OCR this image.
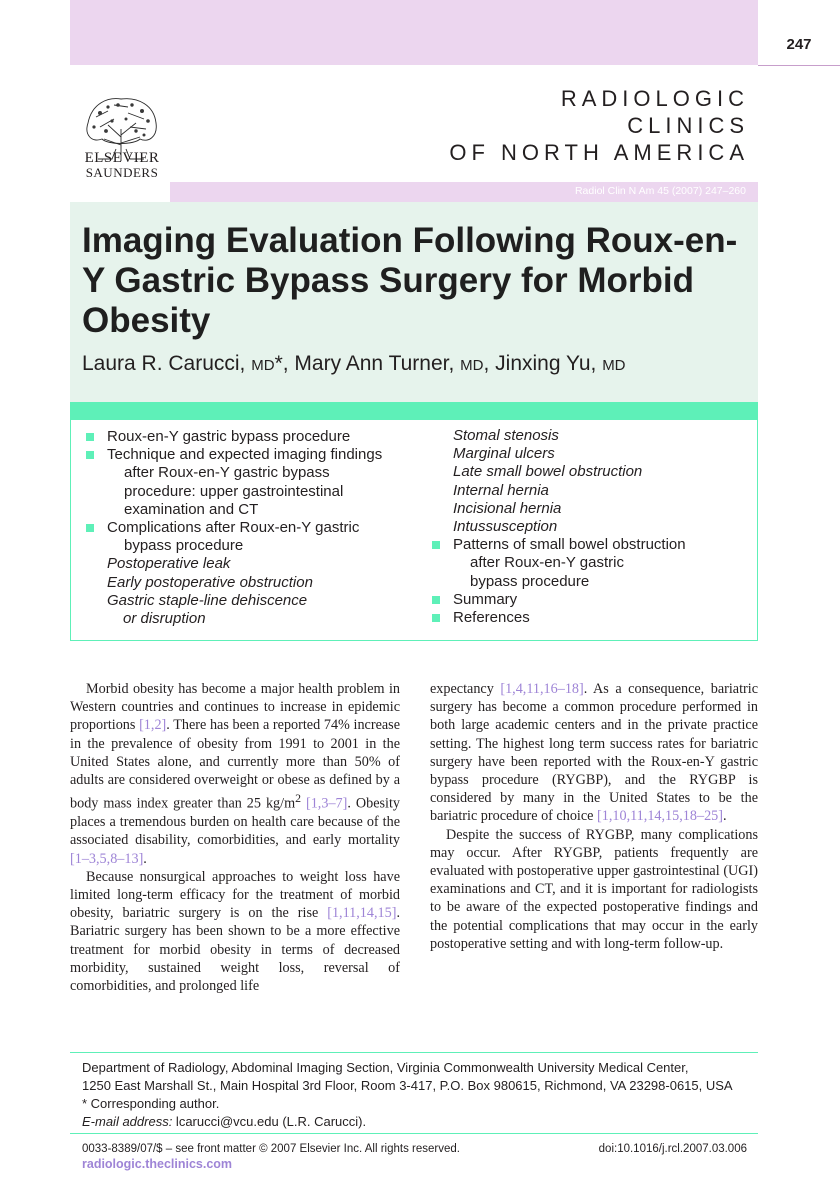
247
ELSEVIER
SAUNDERS
RADIOLOGIC
CLINICS
OF NORTH AMERICA
Radiol Clin N Am 45 (2007) 247–260
Imaging Evaluation Following Roux-en-Y Gastric Bypass Surgery for Morbid Obesity
Laura R. Carucci, MD*, Mary Ann Turner, MD, Jinxing Yu, MD
Roux-en-Y gastric bypass procedure
Technique and expected imaging findings
after Roux-en-Y gastric bypass
procedure: upper gastrointestinal
examination and CT
Complications after Roux-en-Y gastric
bypass procedure
Postoperative leak
Early postoperative obstruction
Gastric staple-line dehiscence
or disruption
Stomal stenosis
Marginal ulcers
Late small bowel obstruction
Internal hernia
Incisional hernia
Intussusception
Patterns of small bowel obstruction
after Roux-en-Y gastric
bypass procedure
Summary
References

Morbid obesity has become a major health problem in Western countries and continues to increase in epidemic proportions [1,2]. There has been a reported 74% increase in the prevalence of obesity from 1991 to 2001 in the United States alone, and currently more than 50% of adults are considered overweight or obese as defined by a body mass index greater than 25 $kg/m^2$ [1,3–7]. Obesity places a tremendous burden on health care because of the associated disability, comorbidities, and early mortality [1–3,5,8–13].

Because nonsurgical approaches to weight loss have limited long-term efficacy for the treatment of morbid obesity, bariatric surgery is on the rise [1,11,14,15]. Bariatric surgery has been shown to be a more effective treatment for morbid obesity in terms of decreased morbidity, sustained weight loss, reversal of comorbidities, and prolonged life

expectancy [1,4,11,16–18]. As a consequence, bariatric surgery has become a common procedure performed in both large academic centers and in the private practice setting. The highest long term success rates for bariatric surgery have been reported with the Roux-en-Y gastric bypass procedure (RYGBP), and the RYGBP is considered by many in the United States to be the bariatric procedure of choice [1,10,11,14,15,18–25].

Despite the success of RYGBP, many complications may occur. After RYGBP, patients frequently are evaluated with postoperative upper gastrointestinal (UGI) examinations and CT, and it is important for radiologists to be aware of the expected postoperative findings and the potential complications that may occur in the early postoperative setting and with long-term follow-up.

Department of Radiology, Abdominal Imaging Section, Virginia Commonwealth University Medical Center,
1250 East Marshall St., Main Hospital 3rd Floor, Room 3-417, P.O. Box 980615, Richmond, VA 23298-0615, USA
* Corresponding author.
E-mail address: lcarucci@vcu.edu (L.R. Carucci).
0033-8389/07/$ – see front matter © 2007 Elsevier Inc. All rights reserved.
radiologic.theclinics.com
doi:10.1016/j.rcl.2007.03.006
